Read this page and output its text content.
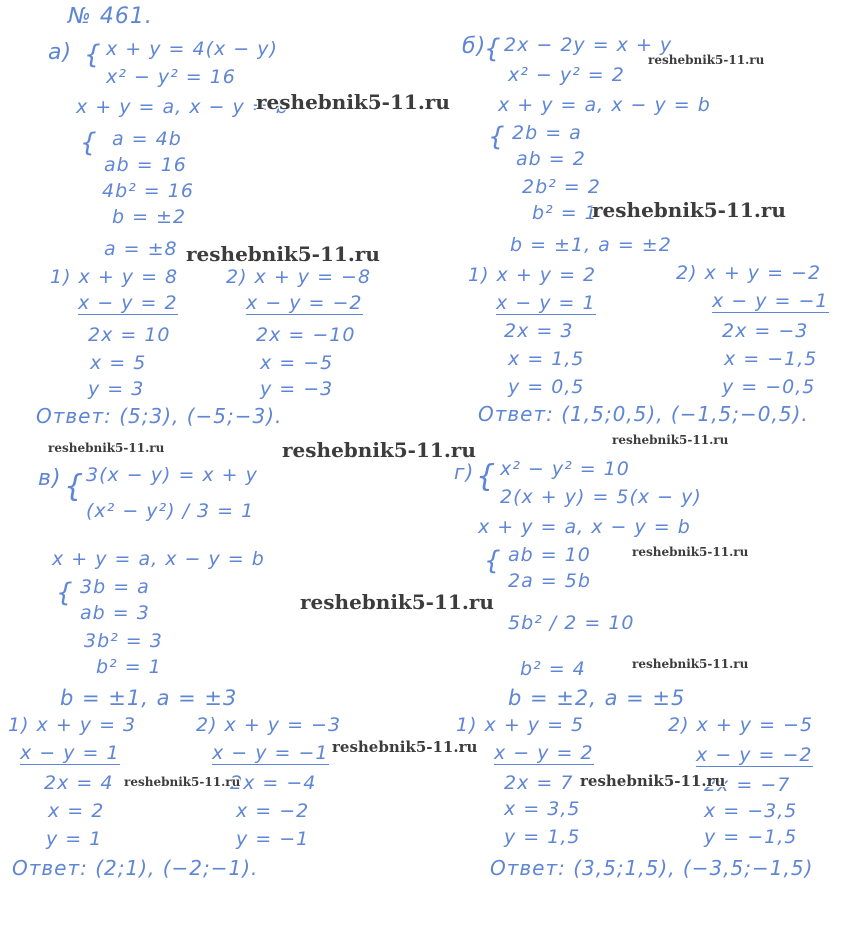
№ 461.
а) { x + y = 4(x − y)
x² − y² = 16
x + y = a, x − y = b
{ a = 4b
ab = 16
4b² = 16
b = ±2
a = ±8
1) x + y = 8
x − y = 2
2x = 10
x = 5
y = 3
2) x + y = −8
x − y = −2
2x = −10
x = −5
y = −3
Ответ: (5;3), (−5;−3).
б)
{ 2x − 2y = x + y
x² − y² = 2
x + y = a, x − y = b
{ 2b = a
ab = 2
2b² = 2
b² = 1
b = ±1, a = ±2
1) x + y = 2
x − y = 1
2x = 3
x = 1,5
y = 0,5
2) x + y = −2
x − y = −1
2x = −3
x = −1,5
y = −0,5
Ответ: (1,5;0,5), (−1,5;−0,5).
в) { 3(x − y) = x + y
(x² − y²) / 3 = 1
x + y = a, x − y = b
{ 3b = a
ab = 3
3b² = 3
b² = 1
b = ±1, a = ±3
1) x + y = 3
x − y = 1
2x = 4
x = 2
y = 1
2) x + y = −3
x − y = −1
2x = −4
x = −2
y = −1
Ответ: (2;1), (−2;−1).
г) { x² − y² = 10
2(x + y) = 5(x − y)
x + y = a, x − y = b
{ ab = 10
2a = 5b
5b² / 2 = 10
b² = 4
b = ±2, a = ±5
1) x + y = 5
x − y = 2
2x = 7
x = 3,5
y = 1,5
2) x + y = −5
x − y = −2
2x = −7
x = −3,5
y = −1,5
Ответ: (3,5;1,5), (−3,5;−1,5)
reshebnik5-11.ru
reshebnik5-11.ru
reshebnik5-11.ru
reshebnik5-11.ru
reshebnik5-11.ru	reshebnik5-11.ru	reshebnik5-11.ru
reshebnik5-11.ru
reshebnik5-11.ru
reshebnik5-11.ru
reshebnik5-11.ru
reshebnik5-11.ru	reshebnik5-11.ru
